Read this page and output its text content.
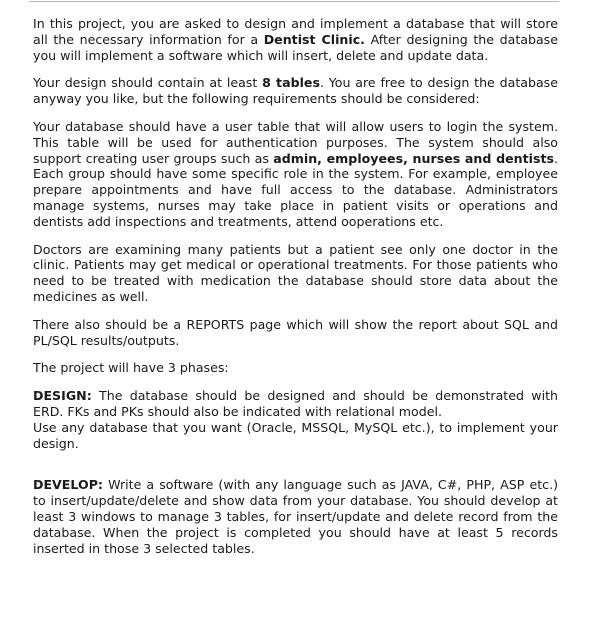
In this project, you are asked to design and implement a database that will store all the necessary information for a Dentist Clinic. After designing the database you will implement a software which will insert, delete and update data.

Your design should contain at least 8 tables. You are free to design the database anyway you like, but the following requirements should be considered:

Your database should have a user table that will allow users to login the system. This table will be used for authentication purposes. The system should also support creating user groups such as admin, employees, nurses and dentists. Each group should have some specific role in the system. For example, employee prepare appointments and have full access to the database. Administrators manage systems, nurses may take place in patient visits or operations and dentists add inspections and treatments, attend ooperations etc.

Doctors are examining many patients but a patient see only one doctor in the clinic. Patients may get medical or operational treatments. For those patients who need to be treated with medication the database should store data about the medicines as well.

There also should be a REPORTS page which will show the report about SQL and PL/SQL results/outputs.

The project will have 3 phases:

DESIGN: The database should be designed and should be demonstrated with ERD. FKs and PKs should also be indicated with relational model.
Use any database that you want (Oracle, MSSQL, MySQL etc.), to implement your design.

DEVELOP: Write a software (with any language such as JAVA, C#, PHP, ASP etc.) to insert/update/delete and show data from your database. You should develop at least 3 windows to manage 3 tables, for insert/update and delete record from the database. When the project is completed you should have at least 5 records inserted in those 3 selected tables.
